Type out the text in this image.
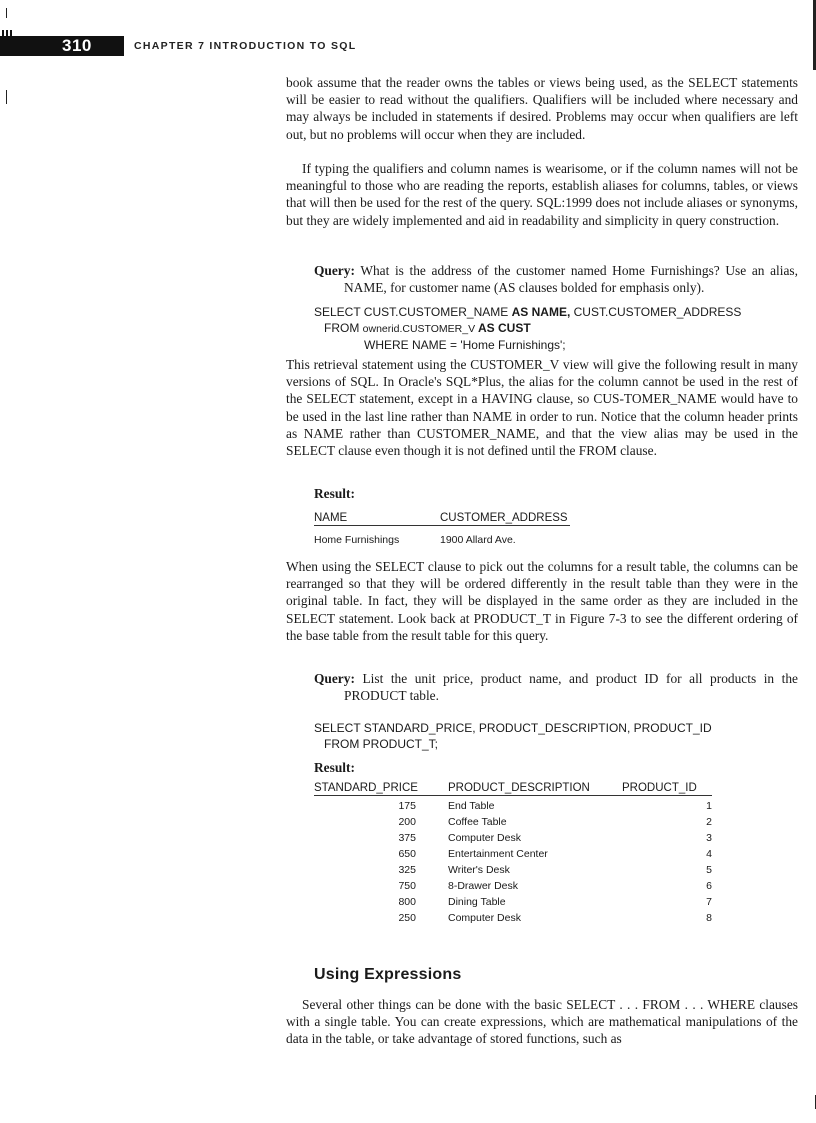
310	CHAPTER 7 INTRODUCTION TO SQL

book assume that the reader owns the tables or views being used, as the SELECT statements will be easier to read without the qualifiers. Qualifiers will be included where necessary and may always be included in statements if desired. Problems may occur when qualifiers are left out, but no problems will occur when they are included.

If typing the qualifiers and column names is wearisome, or if the column names will not be meaningful to those who are reading the reports, establish aliases for columns, tables, or views that will then be used for the rest of the query. SQL:1999 does not include aliases or synonyms, but they are widely implemented and aid in readability and simplicity in query construction.

Query: What is the address of the customer named Home Furnishings? Use an alias, NAME, for customer name (AS clauses bolded for emphasis only).

SELECT CUST.CUSTOMER_NAME AS NAME, CUST.CUSTOMER_ADDRESS
FROM ownerid.CUSTOMER_V AS CUST
WHERE NAME = 'Home Furnishings';

This retrieval statement using the CUSTOMER_V view will give the following result in many versions of SQL. In Oracle's SQL*Plus, the alias for the column cannot be used in the rest of the SELECT statement, except in a HAVING clause, so CUS-TOMER_NAME would have to be used in the last line rather than NAME in order to run. Notice that the column header prints as NAME rather than CUSTOMER_NAME, and that the view alias may be used in the SELECT clause even though it is not defined until the FROM clause.

Result:
NAME	CUSTOMER_ADDRESS
Home Furnishings	1900 Allard Ave.

When using the SELECT clause to pick out the columns for a result table, the columns can be rearranged so that they will be ordered differently in the result table than they were in the original table. In fact, they will be displayed in the same order as they are included in the SELECT statement. Look back at PRODUCT_T in Figure 7-3 to see the different ordering of the base table from the result table for this query.

Query: List the unit price, product name, and product ID for all products in the PRODUCT table.

SELECT STANDARD_PRICE, PRODUCT_DESCRIPTION, PRODUCT_ID
FROM PRODUCT_T;
Result:
STANDARD_PRICE	PRODUCT_DESCRIPTION	PRODUCT_ID
175	End Table	1
200	Coffee Table	2
375	Computer Desk	3
650	Entertainment Center	4
325	Writer's Desk	5
750	8-Drawer Desk	6
800	Dining Table	7
250	Computer Desk	8
Using Expressions

Several other things can be done with the basic SELECT . . . FROM . . . WHERE clauses with a single table. You can create expressions, which are mathematical manipulations of the data in the table, or take advantage of stored functions, such as
